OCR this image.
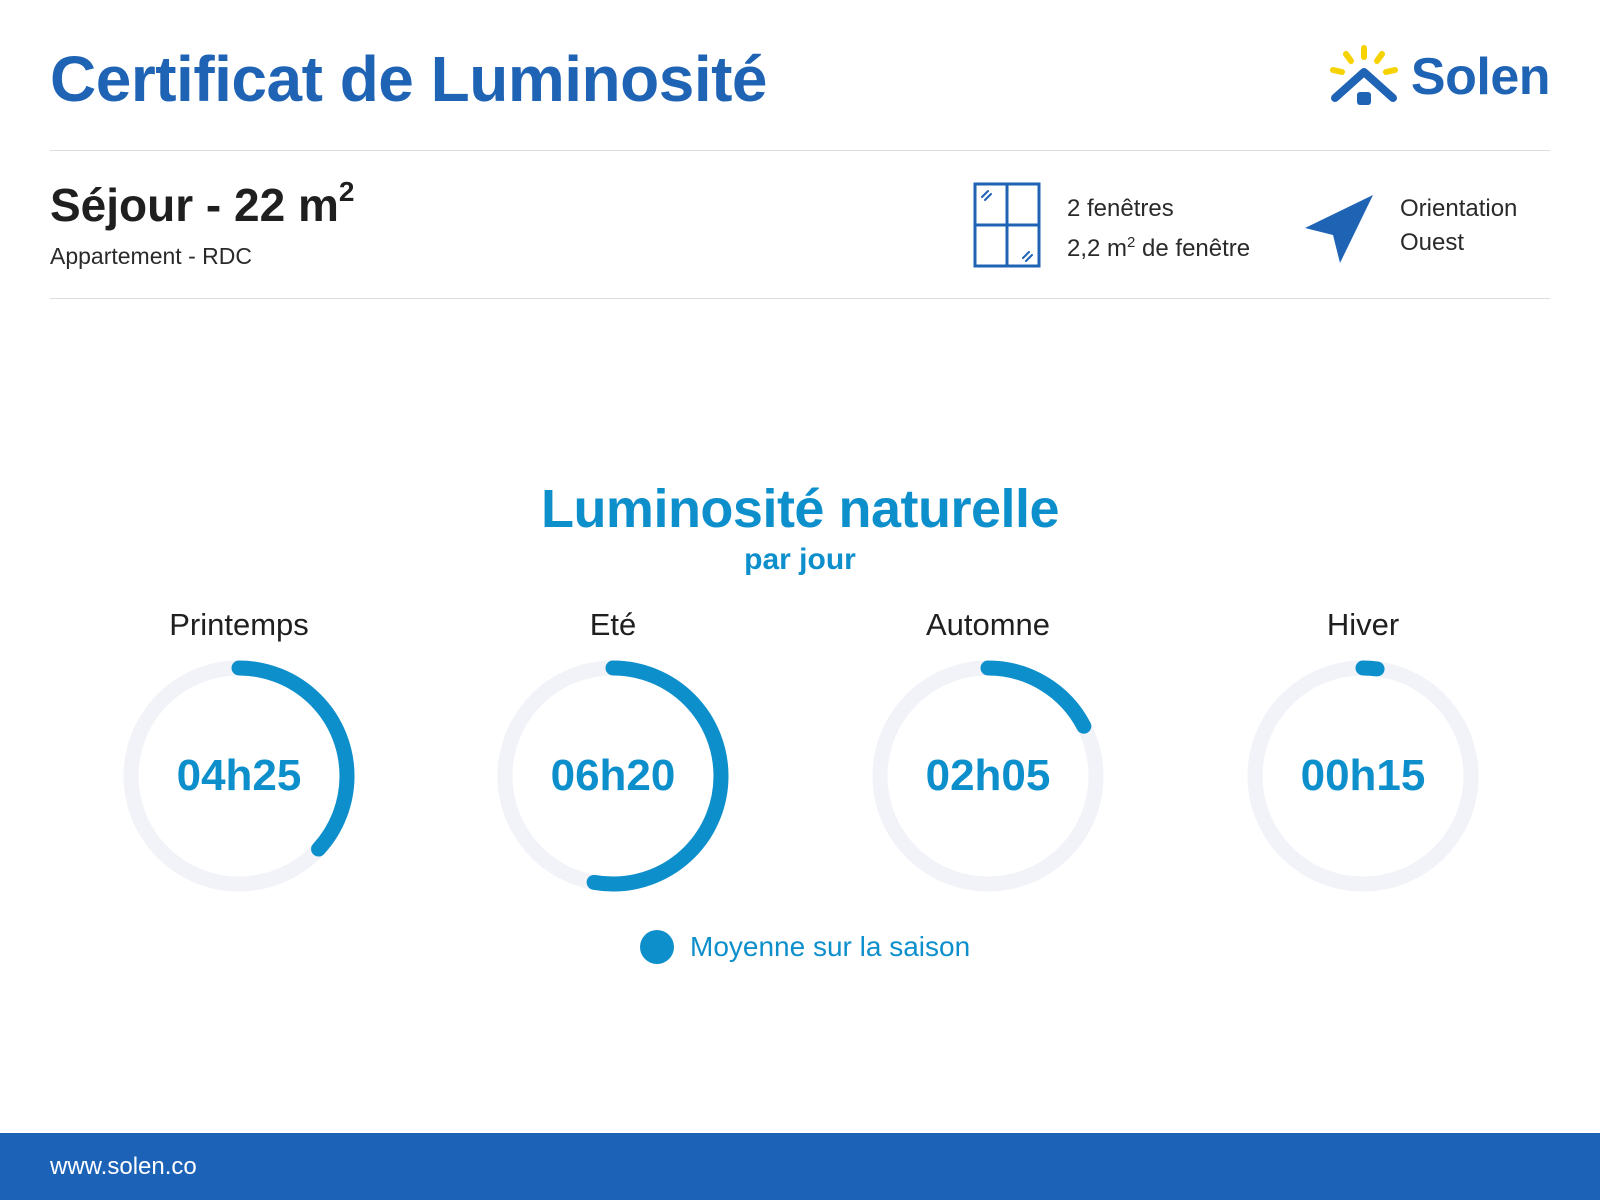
Certificat de Luminosité	Solen
Séjour - 22 $m^2$
Appartement - RDC
2 fenêtres
2,2 $m^2$ de fenêtre
Orientation
Ouest
Luminosité naturelle
par jour
Printemps
04h25
Eté
06h20
Automne
02h05
Hiver
00h15
Moyenne sur la saison
www.solen.co
